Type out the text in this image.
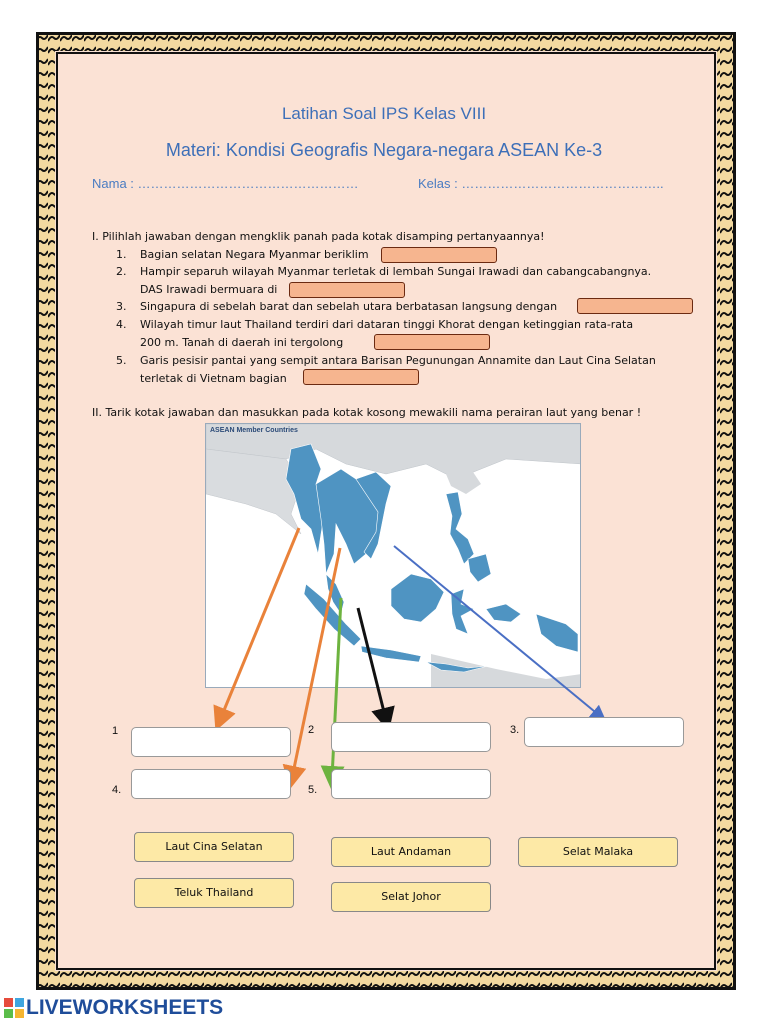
Latihan Soal IPS Kelas VIII
Materi: Kondisi Geografis Negara-negara ASEAN Ke-3
Nama : ……………………………………………	Kelas : ………………………………………..
I. Pilihlah jawaban dengan mengklik panah pada kotak disamping pertanyaannya!
1. Bagian selatan Negara Myanmar beriklim
2. Hampir separuh wilayah Myanmar terletak di lembah Sungai Irawadi dan cabangcabangnya.
DAS Irawadi bermuara di
3. Singapura di sebelah barat dan sebelah utara berbatasan langsung dengan
4. Wilayah timur laut Thailand terdiri dari dataran tinggi Khorat dengan ketinggian rata-rata
200 m. Tanah di daerah ini tergolong
5. Garis pesisir pantai yang sempit antara Barisan Pegunungan Annamite dan Laut Cina Selatan
terletak di Vietnam bagian
II. Tarik kotak jawaban dan masukkan pada kotak kosong mewakili nama perairan laut yang benar !
ASEAN Member Countries
1	2	3.
4.	5.
Laut Cina Selatan	Laut Andaman	Selat Malaka
Teluk Thailand	Selat Johor
LIVEWORKSHEETS
